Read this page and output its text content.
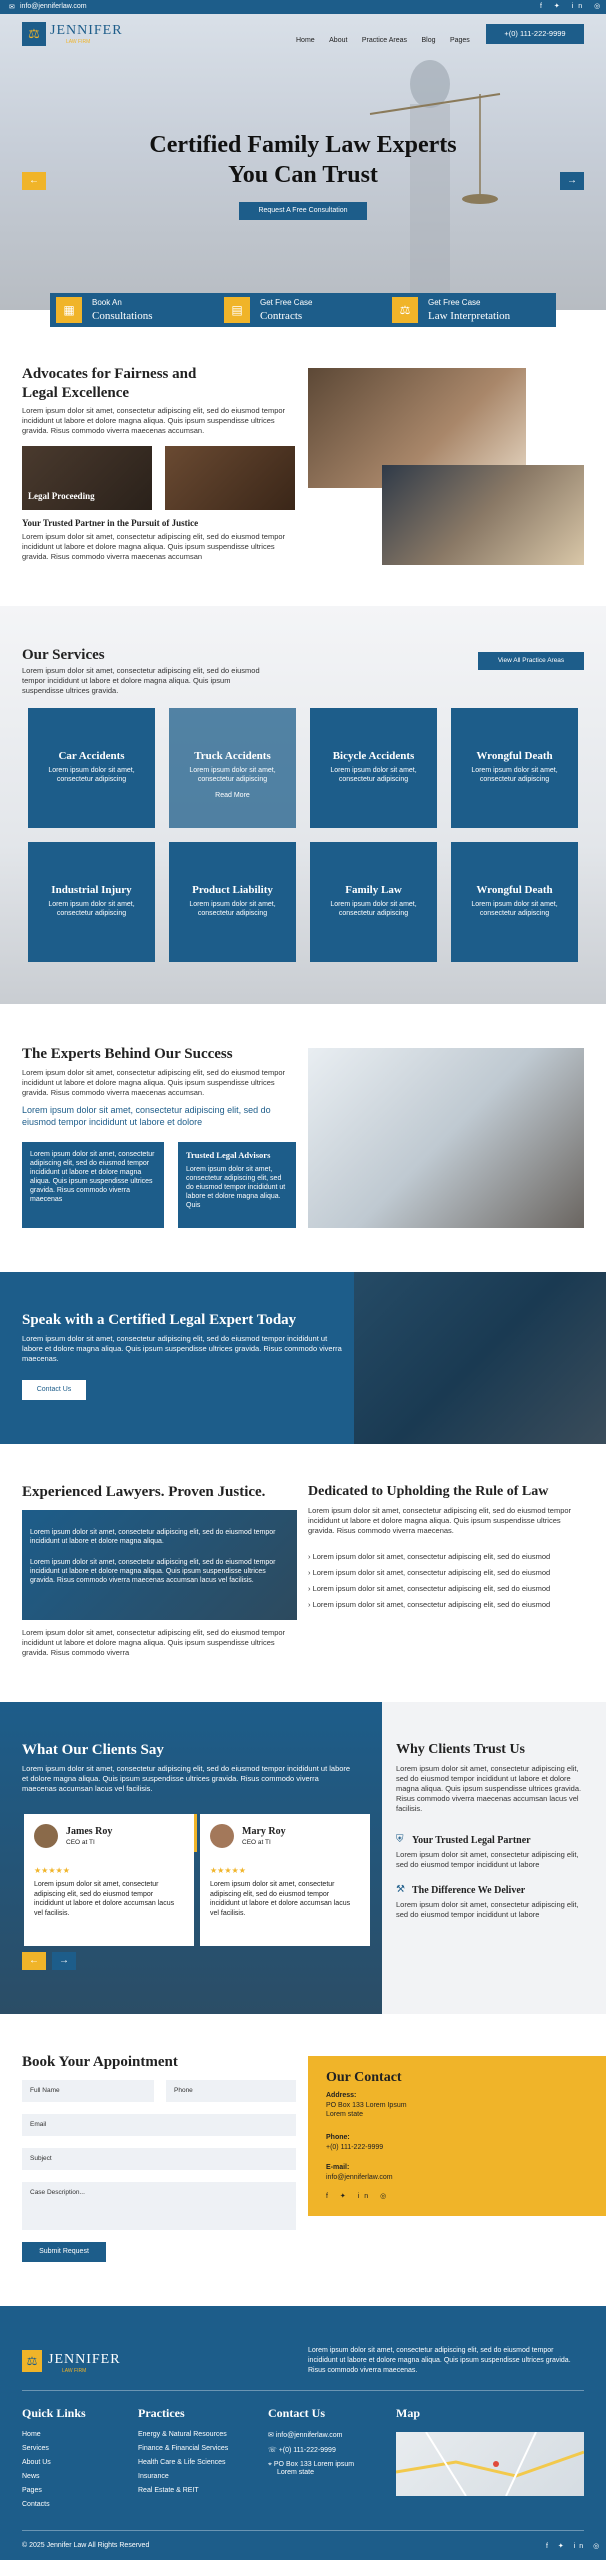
✉ info@jenniferlaw.com	f ✦ in ◎
⚖ JENNIFER
LAW FIRM	Home About Practice Areas Blog Pages
+(0) 111-222-9999
Certified Family Law Experts
You Can Trust
Request A Free Consultation
←	→
▦
Book An
Consultations	▤
Get Free Case
Contracts	⚖
Get Free Case
Law Interpretation
Advocates for Fairness and
Legal Excellence

Lorem ipsum dolor sit amet, consectetur adipiscing elit, sed do eiusmod tempor incididunt ut labore et dolore magna aliqua. Quis ipsum suspendisse ultrices gravida. Risus commodo viverra maecenas accumsan.

Legal Proceeding
Your Trusted Partner in the Pursuit of Justice

Lorem ipsum dolor sit amet, consectetur adipiscing elit, sed do eiusmod tempor incididunt ut labore et dolore magna aliqua. Quis ipsum suspendisse ultrices gravida. Risus commodo viverra maecenas accumsan

Our Services

Lorem ipsum dolor sit amet, consectetur adipiscing elit, sed do eiusmod tempor incididunt ut labore et dolore magna aliqua. Quis ipsum suspendisse ultrices gravida.

View All Practice Areas
Car Accidents

Lorem ipsum dolor sit amet, consectetur adipiscing

Truck Accidents

Lorem ipsum dolor sit amet, consectetur adipiscing

Read More
Bicycle Accidents

Lorem ipsum dolor sit amet, consectetur adipiscing

Wrongful Death

Lorem ipsum dolor sit amet, consectetur adipiscing

Industrial Injury

Lorem ipsum dolor sit amet, consectetur adipiscing

Product Liability

Lorem ipsum dolor sit amet, consectetur adipiscing

Family Law

Lorem ipsum dolor sit amet, consectetur adipiscing

Wrongful Death

Lorem ipsum dolor sit amet, consectetur adipiscing

The Experts Behind Our Success

Lorem ipsum dolor sit amet, consectetur adipiscing elit, sed do eiusmod tempor incididunt ut labore et dolore magna aliqua. Quis ipsum suspendisse ultrices gravida. Risus commodo viverra maecenas accumsan.

Lorem ipsum dolor sit amet, consectetur adipiscing elit, sed do eiusmod tempor incididunt ut labore et dolore

Lorem ipsum dolor sit amet, consectetur adipiscing elit, sed do eiusmod tempor incididunt ut labore et dolore magna aliqua. Quis ipsum suspendisse ultrices gravida. Risus commodo viverra maecenas

Trusted Legal Advisors

Lorem ipsum dolor sit amet, consectetur adipiscing elit, sed do eiusmod tempor incididunt ut labore et dolore magna aliqua. Quis

Speak with a Certified Legal Expert Today

Lorem ipsum dolor sit amet, consectetur adipiscing elit, sed do eiusmod tempor incididunt ut labore et dolore magna aliqua. Quis ipsum suspendisse ultrices gravida. Risus commodo viverra maecenas.

Contact Us
Experienced Lawyers. Proven Justice.

Lorem ipsum dolor sit amet, consectetur adipiscing elit, sed do eiusmod tempor incididunt ut labore et dolore magna aliqua.

Lorem ipsum dolor sit amet, consectetur adipiscing elit, sed do eiusmod tempor incididunt ut labore et dolore magna aliqua. Quis ipsum suspendisse ultrices gravida. Risus commodo viverra maecenas accumsan lacus vel facilisis.

Lorem ipsum dolor sit amet, consectetur adipiscing elit, sed do eiusmod tempor incididunt ut labore et dolore magna aliqua. Quis ipsum suspendisse ultrices gravida. Risus commodo viverra

Dedicated to Upholding the Rule of Law

Lorem ipsum dolor sit amet, consectetur adipiscing elit, sed do eiusmod tempor incididunt ut labore et dolore magna aliqua. Quis ipsum suspendisse ultrices gravida. Risus commodo viverra maecenas.

› Lorem ipsum dolor sit amet, consectetur adipiscing elit, sed do eiusmod
› Lorem ipsum dolor sit amet, consectetur adipiscing elit, sed do eiusmod
› Lorem ipsum dolor sit amet, consectetur adipiscing elit, sed do eiusmod
› Lorem ipsum dolor sit amet, consectetur adipiscing elit, sed do eiusmod
What Our Clients Say

Lorem ipsum dolor sit amet, consectetur adipiscing elit, sed do eiusmod tempor incididunt ut labore et dolore magna aliqua. Quis ipsum suspendisse ultrices gravida. Risus commodo viverra maecenas accumsan lacus vel facilisis.

James Roy
CEO at TI
★★★★★

Lorem ipsum dolor sit amet, consectetur adipiscing elit, sed do eiusmod tempor incididunt ut labore et dolore accumsan lacus vel facilisis.

Mary Roy
CEO at TI
★★★★★

Lorem ipsum dolor sit amet, consectetur adipiscing elit, sed do eiusmod tempor incididunt ut labore et dolore accumsan lacus vel facilisis.

←	→
Why Clients Trust Us

Lorem ipsum dolor sit amet, consectetur adipiscing elit, sed do eiusmod tempor incididunt ut labore et dolore magna aliqua. Quis ipsum suspendisse ultrices gravida. Risus commodo viverra maecenas accumsan lacus vel facilisis.

⛨ Your Trusted Legal Partner

Lorem ipsum dolor sit amet, consectetur adipiscing elit, sed do eiusmod tempor incididunt ut labore

⚒ The Difference We Deliver

Lorem ipsum dolor sit amet, consectetur adipiscing elit, sed do eiusmod tempor incididunt ut labore

Book Your Appointment
Full Name	Phone
Email
Subject
Case Description...
Submit Request
Our Contact
Address:
PO Box 133 Lorem Ipsum
Lorem state
Phone:
+(0) 111-222-9999
E-mail:
info@jenniferlaw.com
f ✦ in ◎
⚖ JENNIFER
LAW FIRM

Lorem ipsum dolor sit amet, consectetur adipiscing elit, sed do eiusmod tempor incididunt ut labore et dolore magna aliqua. Quis ipsum suspendisse ultrices gravida. Risus commodo viverra maecenas.

Quick Links
Home
Services
About Us
News
Pages
Contacts
Practices
Energy & Natural Resources
Finance & Financial Services
Health Care & Life Sciences
Insurance
Real Estate & REIT
Contact Us
✉ info@jenniferlaw.com
☏ +(0) 111-222-9999
⌖ PO Box 133 Lorem ipsum
Lorem state
Map
© 2025 Jennifer Law All Rights Reserved	f ✦ in ◎
